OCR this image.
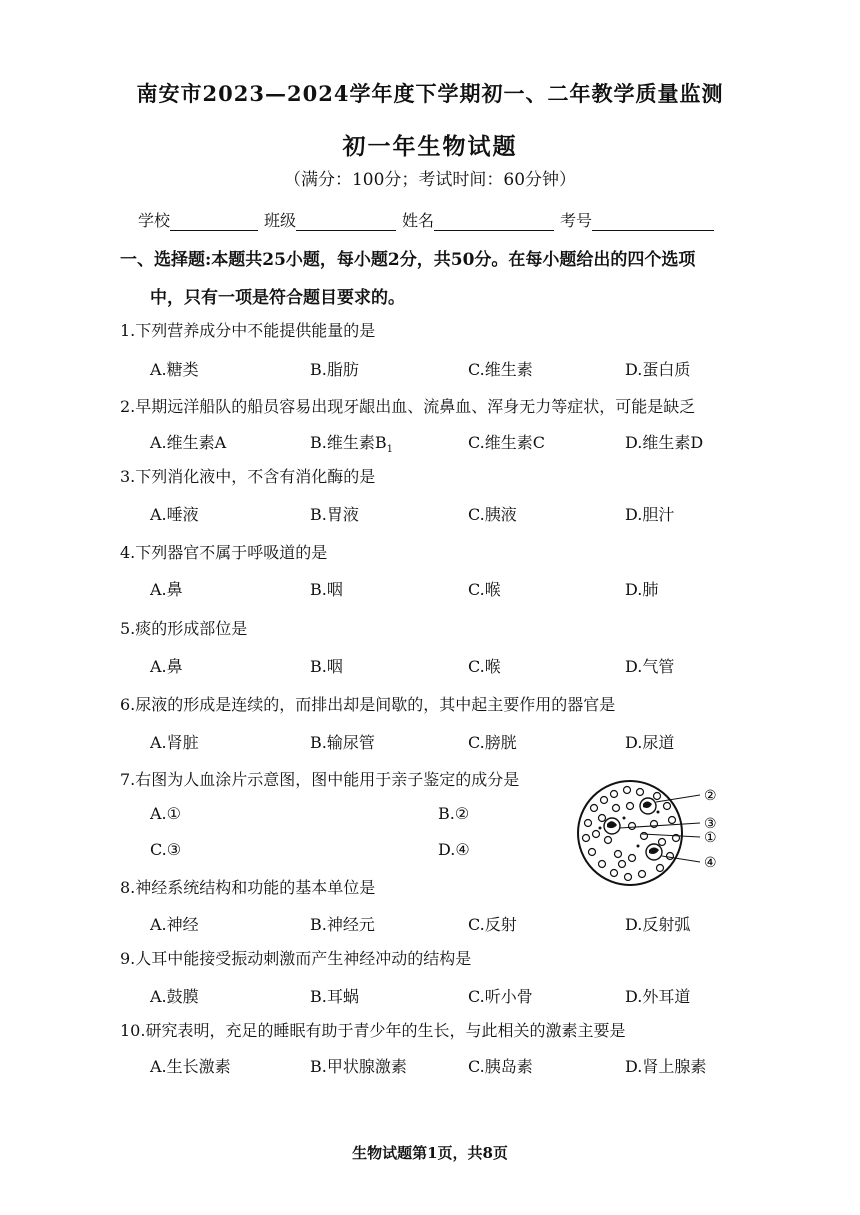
南安市2023—2024学年度下学期初一、二年教学质量监测
初一年生物试题
（满分：100分；考试时间：60分钟）
学校	班级	姓名	考号
一、选择题:本题共25小题，每小题2分，共50分。在每小题给出的四个选项
中，只有一项是符合题目要求的。
1.下列营养成分中不能提供能量的是
A.糖类	B.脂肪	C.维生素	D.蛋白质
2.早期远洋船队的船员容易出现牙龈出血、流鼻血、浑身无力等症状，可能是缺乏
A.维生素A	B.维生素$B_1$	C.维生素C	D.维生素D
3.下列消化液中，不含有消化酶的是
A.唾液	B.胃液	C.胰液	D.胆汁
4.下列器官不属于呼吸道的是
A.鼻	B.咽	C.喉	D.肺
5.痰的形成部位是
A.鼻	B.咽	C.喉	D.气管
6.尿液的形成是连续的，而排出却是间歇的，其中起主要作用的器官是
A.肾脏	B.输尿管	C.膀胱	D.尿道
7.右图为人血涂片示意图，图中能用于亲子鉴定的成分是
A.①	B.②
C.③	D.④
②
③
①
④
8.神经系统结构和功能的基本单位是
A.神经	B.神经元	C.反射	D.反射弧
9.人耳中能接受振动刺激而产生神经冲动的结构是
A.鼓膜	B.耳蜗	C.听小骨	D.外耳道
10.研究表明，充足的睡眠有助于青少年的生长，与此相关的激素主要是
A.生长激素	B.甲状腺激素	C.胰岛素	D.肾上腺素
生物试题第1页，共8页
